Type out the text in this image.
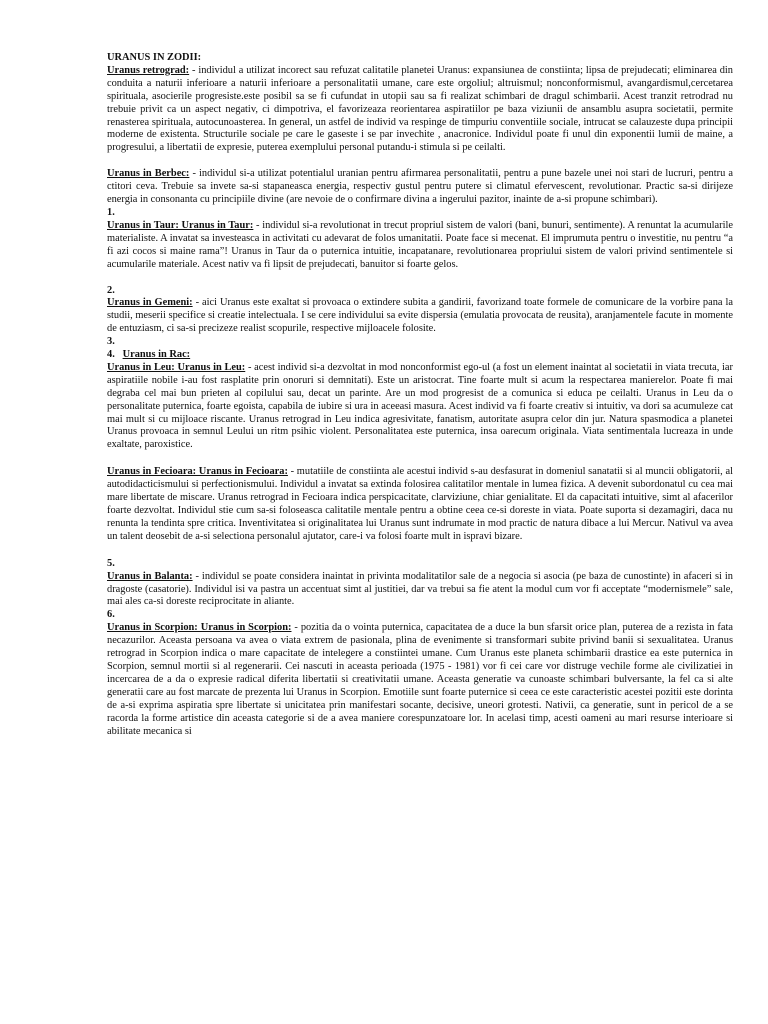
URANUS IN ZODII:

Uranus retrograd: - individul a utilizat incorect sau refuzat calitatile planetei Uranus: expansiunea de constiinta; lipsa de prejudecati; eliminarea din conduita a naturii inferioare a naturii inferioare a personalitatii umane, care este orgoliul; altruismul; nonconformismul, avangardismul,cercetarea spirituala, asocierile progresiste.este posibil sa se fi cufundat in utopii sau sa fi realizat schimbari de dragul schimbarii. Acest tranzit retrodrad nu trebuie privit ca un aspect negativ, ci dimpotriva, el favorizeaza reorientarea aspiratiilor pe baza viziunii de ansamblu asupra societatii, permite renasterea spirituala, autocunoasterea. In general, un astfel de individ va respinge de timpuriu conventiile sociale, intrucat se calauzeste dupa principii moderne de existenta. Structurile sociale pe care le gaseste i se par invechite , anacronice. Individul poate fi unul din exponentii lumii de maine, a progresului, a libertatii de expresie, puterea exemplului personal putandu-i stimula si pe ceilalti.

Uranus in Berbec: - individul si-a utilizat potentialul uranian pentru afirmarea personalitatii, pentru a pune bazele unei noi stari de lucruri, pentru a ctitori ceva. Trebuie sa invete sa-si stapaneasca energia, respectiv gustul pentru putere si climatul efervescent, revolutionar. Practic sa-si dirijeze energia in consonanta cu principiile divine (are nevoie de o confirmare divina a ingerului pazitor, inainte de a-si propune schimbari).

1.

Uranus in Taur: Uranus in Taur: - individul si-a revolutionat in trecut propriul sistem de valori (bani, bunuri, sentimente). A renuntat la acumularile materialiste. A invatat sa investeasca in activitati cu adevarat de folos umanitatii. Poate face si mecenat. El imprumuta pentru o investitie, nu pentru “a fi azi cocos si maine rama”! Uranus in Taur da o puternica intuitie, incapatanare, revolutionarea propriului sistem de valori privind sentimentele si acumularile materiale. Acest nativ va fi lipsit de prejudecati, banuitor si foarte gelos.

2.

Uranus in Gemeni: - aici Uranus este exaltat si provoaca o extindere subita a gandirii, favorizand toate formele de comunicare de la vorbire pana la studii, meserii specifice si creatie intelectuala. I se cere individului sa evite dispersia (emulatia provocata de reusita), aranjamentele facute in momente de entuziasm, ci sa-si precizeze realist scopurile, respective mijloacele folosite.

3.
4. Uranus in Rac:

Uranus in Leu: Uranus in Leu: - acest individ si-a dezvoltat in mod nonconformist ego-ul (a fost un element inaintat al societatii in viata trecuta, iar aspiratiile nobile i-au fost rasplatite prin onoruri si demnitati). Este un aristocrat. Tine foarte mult si acum la respectarea manierelor. Poate fi mai degraba cel mai bun prieten al copilului sau, decat un parinte. Are un mod progresist de a comunica si educa pe ceilalti. Uranus in Leu da o personalitate puternica, foarte egoista, capabila de iubire si ura in aceeasi masura. Acest individ va fi foarte creativ si intuitiv, va dori sa acumuleze cat mai mult si cu mijloace riscante. Uranus retrograd in Leu indica agresivitate, fanatism, autoritate asupra celor din jur. Natura spasmodica a planetei Uranus provoaca in semnul Leului un ritm psihic violent. Personalitatea este puternica, insa oarecum originala. Viata sentimentala lucreaza in unde exaltate, paroxistice.

Uranus in Fecioara: Uranus in Fecioara: - mutatiile de constiinta ale acestui individ s-au desfasurat in domeniul sanatatii si al muncii obligatorii, al autodidacticismului si perfectionismului. Individul a invatat sa extinda folosirea calitatilor mentale in lumea fizica. A devenit subordonatul cu cea mai mare libertate de miscare. Uranus retrograd in Fecioara indica perspicacitate, clarviziune, chiar genialitate. El da capacitati intuitive, simt al afacerilor foarte dezvoltat. Individul stie cum sa-si foloseasca calitatile mentale pentru a obtine ceea ce-si doreste in viata. Poate suporta si dezamagiri, daca nu renunta la tendinta spre critica. Inventivitatea si originalitatea lui Uranus sunt indrumate in mod practic de natura dibace a lui Mercur. Nativul va avea un talent deosebit de a-si selectiona personalul ajutator, care-i va folosi foarte mult in ispravi bizare.

5.

Uranus in Balanta: - individul se poate considera inaintat in privinta modalitatilor sale de a negocia si asocia (pe baza de cunostinte) in afaceri si in dragoste (casatorie). Individul isi va pastra un accentuat simt al justitiei, dar va trebui sa fie atent la modul cum vor fi acceptate “modernismele” sale, mai ales ca-si doreste reciprocitate in aliante.

6.

Uranus in Scorpion: Uranus in Scorpion: - pozitia da o vointa puternica, capacitatea de a duce la bun sfarsit orice plan, puterea de a rezista in fata necazurilor. Aceasta persoana va avea o viata extrem de pasionala, plina de evenimente si transformari subite privind banii si sexualitatea. Uranus retrograd in Scorpion indica o mare capacitate de intelegere a constiintei umane. Cum Uranus este planeta schimbarii drastice ea este puternica in Scorpion, semnul mortii si al regenerarii. Cei nascuti in aceasta perioada (1975 - 1981) vor fi cei care vor distruge vechile forme ale civilizatiei in incercarea de a da o expresie radical diferita libertatii si creativitatii umane. Aceasta generatie va cunoaste schimbari bulversante, la fel ca si alte generatii care au fost marcate de prezenta lui Uranus in Scorpion. Emotiile sunt foarte puternice si ceea ce este caracteristic acestei pozitii este dorinta de a-si exprima aspiratia spre libertate si unicitatea prin manifestari socante, decisive, uneori grotesti. Nativii, ca generatie, sunt in pericol de a se racorda la forme artistice din aceasta categorie si de a avea maniere corespunzatoare lor. In acelasi timp, acesti oameni au mari resurse interioare si abilitate mecanica si
